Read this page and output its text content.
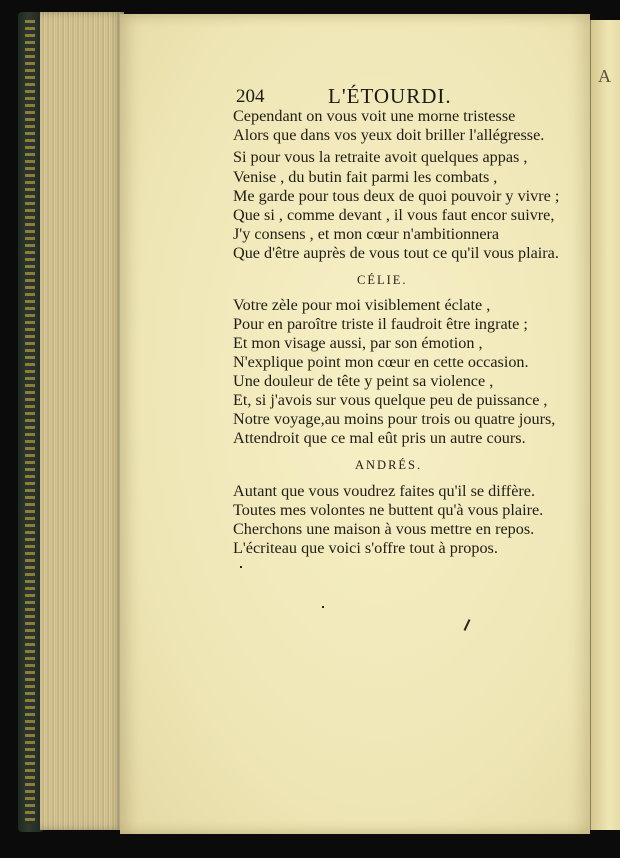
A
204	L'ÉTOURDI.
Cependant on vous voit une morne tristesse
Alors que dans vos yeux doit briller l'allégresse.
Si pour vous la retraite avoit quelques appas ,
Venise , du butin fait parmi les combats ,
Me garde pour tous deux de quoi pouvoir y vivre ;
Que si , comme devant , il vous faut encor suivre,
J'y consens , et mon cœur n'ambitionnera
Que d'être auprès de vous tout ce qu'il vous plaira.
CÉLIE.
Votre zèle pour moi visiblement éclate ,
Pour en paroître triste il faudroit être ingrate ;
Et mon visage aussi, par son émotion ,
N'explique point mon cœur en cette occasion.
Une douleur de tête y peint sa violence ,
Et, si j'avois sur vous quelque peu de puissance ,
Notre voyage,au moins pour trois ou quatre jours,
Attendroit que ce mal eût pris un autre cours.
ANDRÉS.
Autant que vous voudrez faites qu'il se diffère.
Toutes mes volontes ne buttent qu'à vous plaire.
Cherchons une maison à vous mettre en repos.
L'écriteau que voici s'offre tout à propos.
